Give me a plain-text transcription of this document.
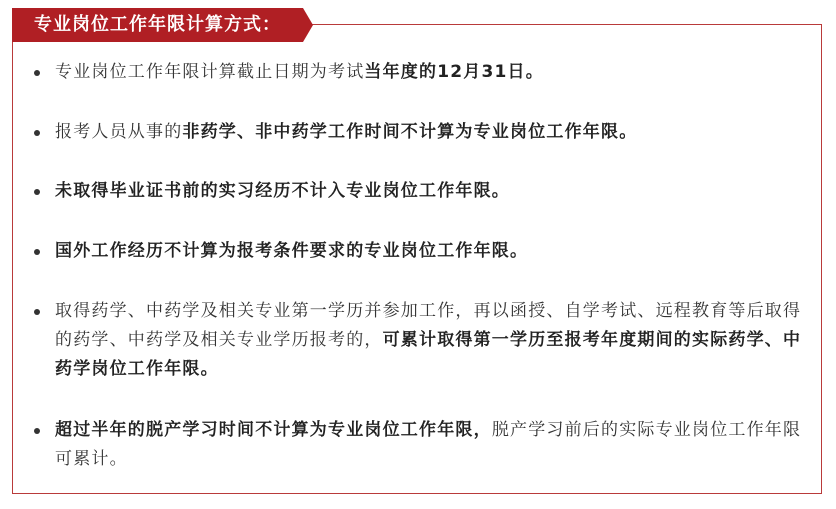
专业岗位工作年限计算方式：
专业岗位工作年限计算截止日期为考试当年度的12月31日。
报考人员从事的非药学、非中药学工作时间不计算为专业岗位工作年限。
未取得毕业证书前的实习经历不计入专业岗位工作年限。
国外工作经历不计算为报考条件要求的专业岗位工作年限。
取得药学、中药学及相关专业第一学历并参加工作，再以函授、自学考试、远程教育等后取得的药学、中药学及相关专业学历报考的，可累计取得第一学历至报考年度期间的实际药学、中药学岗位工作年限。
超过半年的脱产学习时间不计算为专业岗位工作年限，脱产学习前后的实际专业岗位工作年限可累计。
